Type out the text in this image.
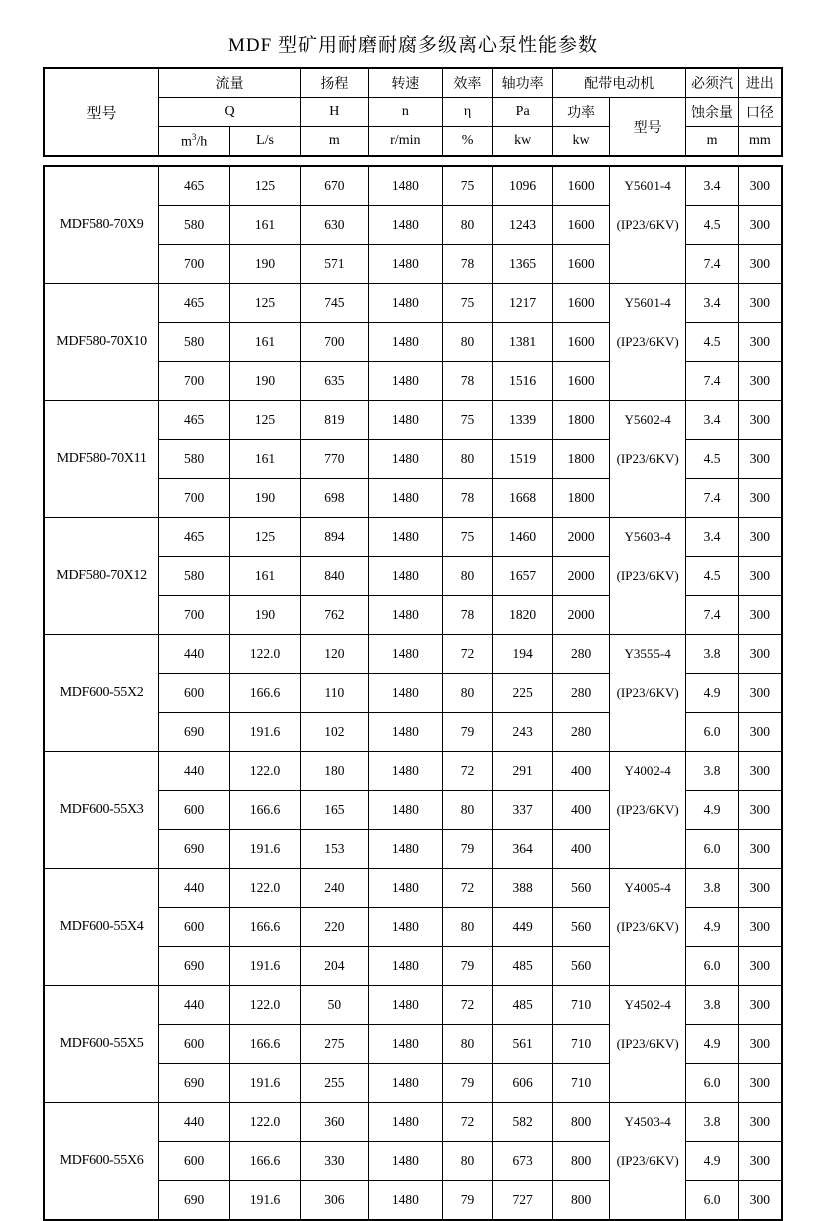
MDF 型矿用耐磨耐腐多级离心泵性能参数
型号	流量		扬程	转速	效率	轴功率	配带电动机		必须汽	进出
	Q		H	n	η	Pa	功率	型号	蚀余量	口径
	$m^3/h$	L/s	m	r/min	%	kw	kw		m	mm
MDF580-70X9	465	125	670	1480	75	1096	1600	Y5601-4	3.4	300
	580	161	630	1480	80	1243	1600	(IP23/6KV)	4.5	300
	700	190	571	1480	78	1365	1600		7.4	300
MDF580-70X10	465	125	745	1480	75	1217	1600	Y5601-4	3.4	300
	580	161	700	1480	80	1381	1600	(IP23/6KV)	4.5	300
	700	190	635	1480	78	1516	1600		7.4	300
MDF580-70X11	465	125	819	1480	75	1339	1800	Y5602-4	3.4	300
	580	161	770	1480	80	1519	1800	(IP23/6KV)	4.5	300
	700	190	698	1480	78	1668	1800		7.4	300
MDF580-70X12	465	125	894	1480	75	1460	2000	Y5603-4	3.4	300
	580	161	840	1480	80	1657	2000	(IP23/6KV)	4.5	300
	700	190	762	1480	78	1820	2000		7.4	300
MDF600-55X2	440	122.0	120	1480	72	194	280	Y3555-4	3.8	300
	600	166.6	110	1480	80	225	280	(IP23/6KV)	4.9	300
	690	191.6	102	1480	79	243	280		6.0	300
MDF600-55X3	440	122.0	180	1480	72	291	400	Y4002-4	3.8	300
	600	166.6	165	1480	80	337	400	(IP23/6KV)	4.9	300
	690	191.6	153	1480	79	364	400		6.0	300
MDF600-55X4	440	122.0	240	1480	72	388	560	Y4005-4	3.8	300
	600	166.6	220	1480	80	449	560	(IP23/6KV)	4.9	300
	690	191.6	204	1480	79	485	560		6.0	300
MDF600-55X5	440	122.0	50	1480	72	485	710	Y4502-4	3.8	300
	600	166.6	275	1480	80	561	710	(IP23/6KV)	4.9	300
	690	191.6	255	1480	79	606	710		6.0	300
MDF600-55X6	440	122.0	360	1480	72	582	800	Y4503-4	3.8	300
	600	166.6	330	1480	80	673	800	(IP23/6KV)	4.9	300
	690	191.6	306	1480	79	727	800		6.0	300
